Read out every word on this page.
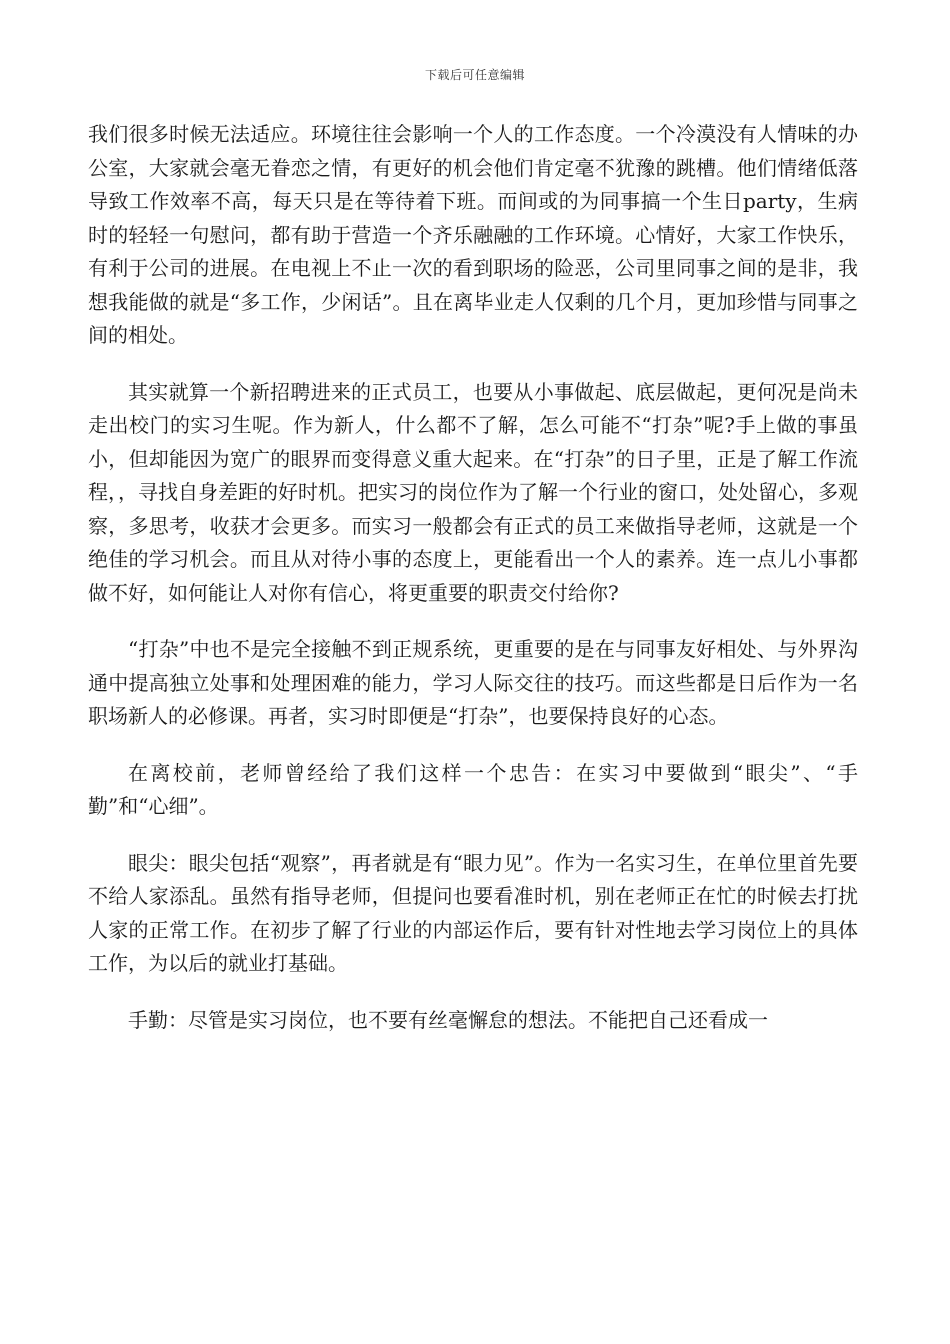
下载后可任意编辑

我们很多时候无法适应。环境往往会影响一个人的工作态度。一个冷漠没有人情味的办公室，大家就会毫无眷恋之情，有更好的机会他们肯定毫不犹豫的跳槽。他们情绪低落导致工作效率不高，每天只是在等待着下班。而间或的为同事搞一个生日party，生病时的轻轻一句慰问，都有助于营造一个齐乐融融的工作环境。心情好，大家工作快乐，有利于公司的进展。在电视上不止一次的看到职场的险恶，公司里同事之间的是非，我想我能做的就是“多工作，少闲话”。且在离毕业走人仅剩的几个月，更加珍惜与同事之间的相处。

其实就算一个新招聘进来的正式员工，也要从小事做起、底层做起，更何况是尚未走出校门的实习生呢。作为新人，什么都不了解，怎么可能不“打杂”呢?手上做的事虽小，但却能因为宽广的眼界而变得意义重大起来。在“打杂”的日子里，正是了解工作流程，，寻找自身差距的好时机。把实习的岗位作为了解一个行业的窗口，处处留心，多观察，多思考，收获才会更多。而实习一般都会有正式的员工来做指导老师，这就是一个绝佳的学习机会。而且从对待小事的态度上，更能看出一个人的素养。连一点儿小事都做不好，如何能让人对你有信心，将更重要的职责交付给你?

“打杂”中也不是完全接触不到正规系统，更重要的是在与同事友好相处、与外界沟通中提高独立处事和处理困难的能力，学习人际交往的技巧。而这些都是日后作为一名职场新人的必修课。再者，实习时即便是“打杂”，也要保持良好的心态。

在离校前，老师曾经给了我们这样一个忠告：在实习中要做到“眼尖”、“手勤”和“心细”。

眼尖：眼尖包括“观察”，再者就是有“眼力见”。作为一名实习生，在单位里首先要不给人家添乱。虽然有指导老师，但提问也要看准时机，别在老师正在忙的时候去打扰人家的正常工作。在初步了解了行业的内部运作后，要有针对性地去学习岗位上的具体工作，为以后的就业打基础。

手勤：尽管是实习岗位，也不要有丝毫懈怠的想法。不能把自己还看成一
